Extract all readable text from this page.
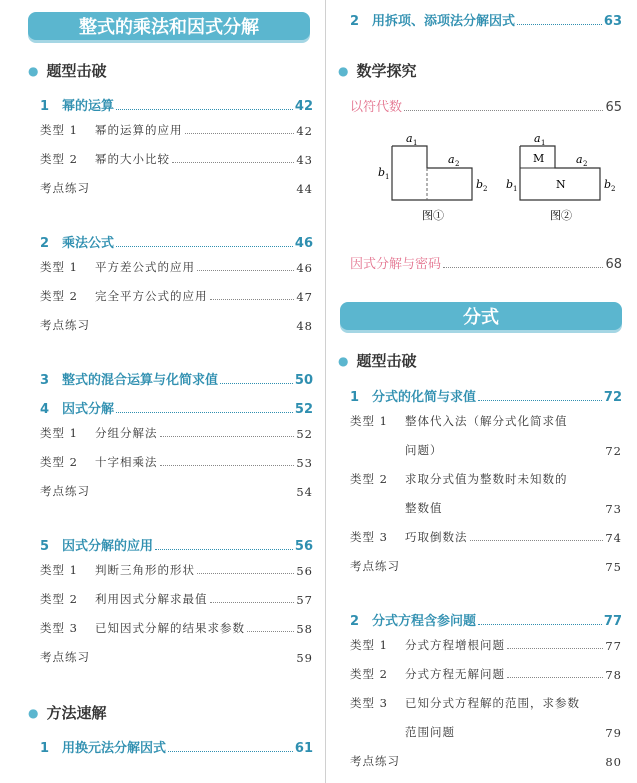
整式的乘法和因式分解
● 题型击破
1　幂的运算	42
类型 1	幂的运算的应用	42
类型 2	幂的大小比较	43
考点练习	44
2　乘法公式	46
类型 1	平方差公式的应用	46
类型 2	完全平方公式的应用	47
考点练习	48
3　整式的混合运算与化简求值	50
4　因式分解	52
类型 1	分组分解法	52
类型 2	十字相乘法	53
考点练习	54
5　因式分解的应用	56
类型 1	判断三角形的形状	56
类型 2	利用因式分解求最值	57
类型 3	已知因式分解的结果求参数	58
考点练习	59
● 方法速解
1　用换元法分解因式	61
2　用拆项、添项法分解因式	63
● 数学探究
以符代数	65
a 1
a 2
b 1
b 2
图①
a 1
a 2
b 1	b 2
M
N
图②
因式分解与密码	68
分式
● 题型击破
1　分式的化简与求值	72
类型 1 整体代入法（解分式化简求值
问题）	72
类型 2 求取分式值为整数时未知数的
整数值	73
类型 3	巧取倒数法	74
考点练习	75
2　分式方程含参问题	77
类型 1	分式方程增根问题	77
类型 2	分式方程无解问题	78
类型 3 已知分式方程解的范围，求参数
范围问题	79
考点练习	80
